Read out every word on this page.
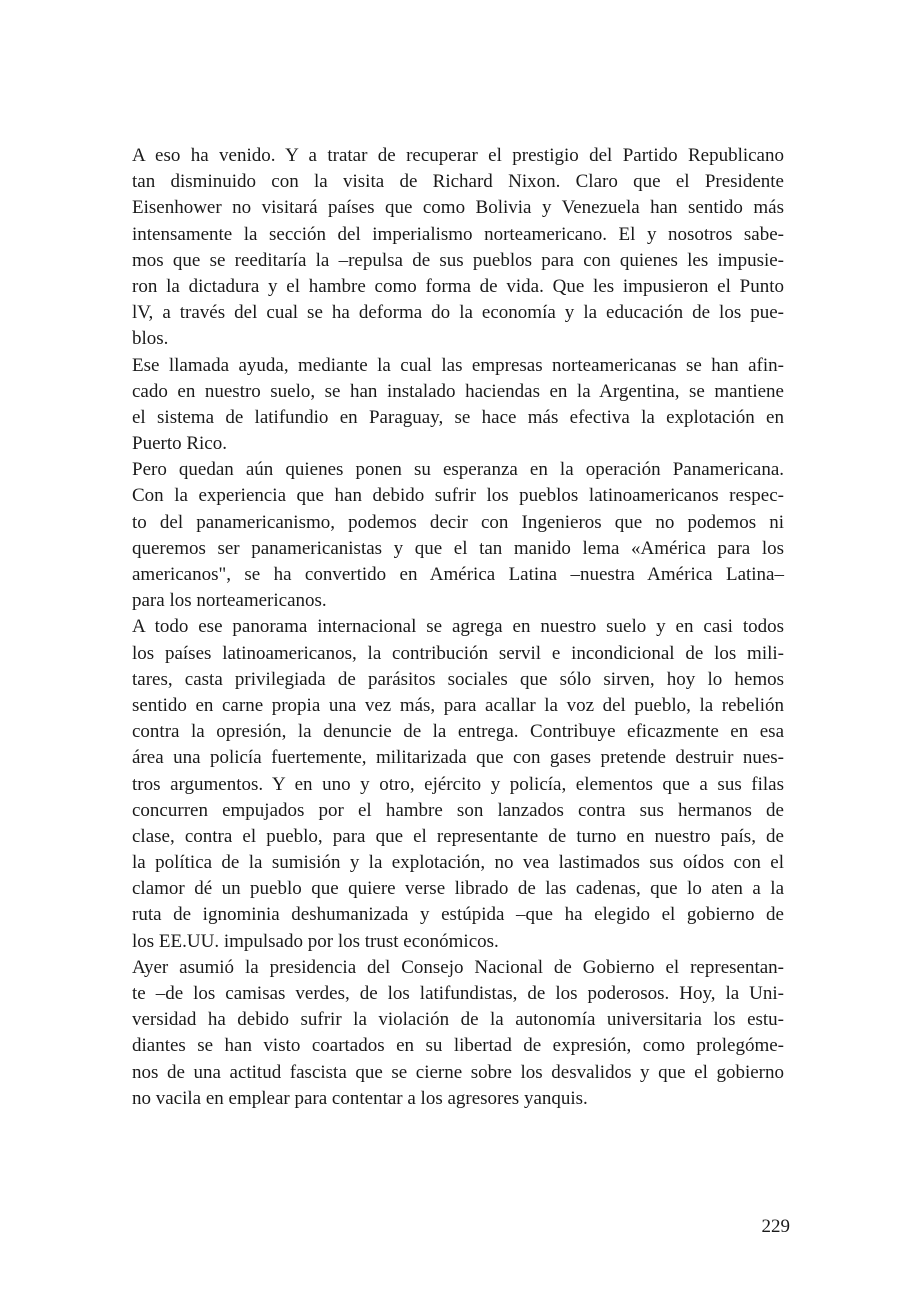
A eso ha venido. Y a tratar de recuperar el prestigio del Partido Republicano
tan disminuido con la visita de Richard Nixon. Claro que el Presidente
Eisenhower no visitará países que como Bolivia y Venezuela han sentido más
intensamente la sección del imperialismo norteamericano. El y nosotros sabe-
mos que se reeditaría la –repulsa de sus pueblos para con quienes les impusie-
ron la dictadura y el hambre como forma de vida. Que les impusieron el Punto
lV, a través del cual se ha deforma do la economía y la educación de los pue-
blos.

Ese llamada ayuda, mediante la cual las empresas norteamericanas se han afin-
cado en nuestro suelo, se han instalado haciendas en la Argentina, se mantiene
el sistema de latifundio en Paraguay, se hace más efectiva la explotación en
Puerto Rico.

Pero quedan aún quienes ponen su esperanza en la operación Panamericana.
Con la experiencia que han debido sufrir los pueblos latinoamericanos respec-
to del panamericanismo, podemos decir con Ingenieros que no podemos ni
queremos ser panamericanistas y que el tan manido lema «América para los
americanos", se ha convertido en América Latina –nuestra América Latina–
para los norteamericanos.

A todo ese panorama internacional se agrega en nuestro suelo y en casi todos
los países latinoamericanos, la contribución servil e incondicional de los mili-
tares, casta privilegiada de parásitos sociales que sólo sirven, hoy lo hemos
sentido en carne propia una vez más, para acallar la voz del pueblo, la rebelión
contra la opresión, la denuncie de la entrega. Contribuye eficazmente en esa
área una policía fuertemente, militarizada que con gases pretende destruir nues-
tros argumentos. Y en uno y otro, ejército y policía, elementos que a sus filas
concurren empujados por el hambre son lanzados contra sus hermanos de
clase, contra el pueblo, para que el representante de turno en nuestro país, de
la política de la sumisión y la explotación, no vea lastimados sus oídos con el
clamor dé un pueblo que quiere verse librado de las cadenas, que lo aten a la
ruta de ignominia deshumanizada y estúpida –que ha elegido el gobierno de
los EE.UU. impulsado por los trust económicos.

Ayer asumió la presidencia del Consejo Nacional de Gobierno el representan-
te –de los camisas verdes, de los latifundistas, de los poderosos. Hoy, la Uni-
versidad ha debido sufrir la violación de la autonomía universitaria los estu-
diantes se han visto coartados en su libertad de expresión, como prolegóme-
nos de una actitud fascista que se cierne sobre los desvalidos y que el gobierno
no vacila en emplear para contentar a los agresores yanquis.

229
